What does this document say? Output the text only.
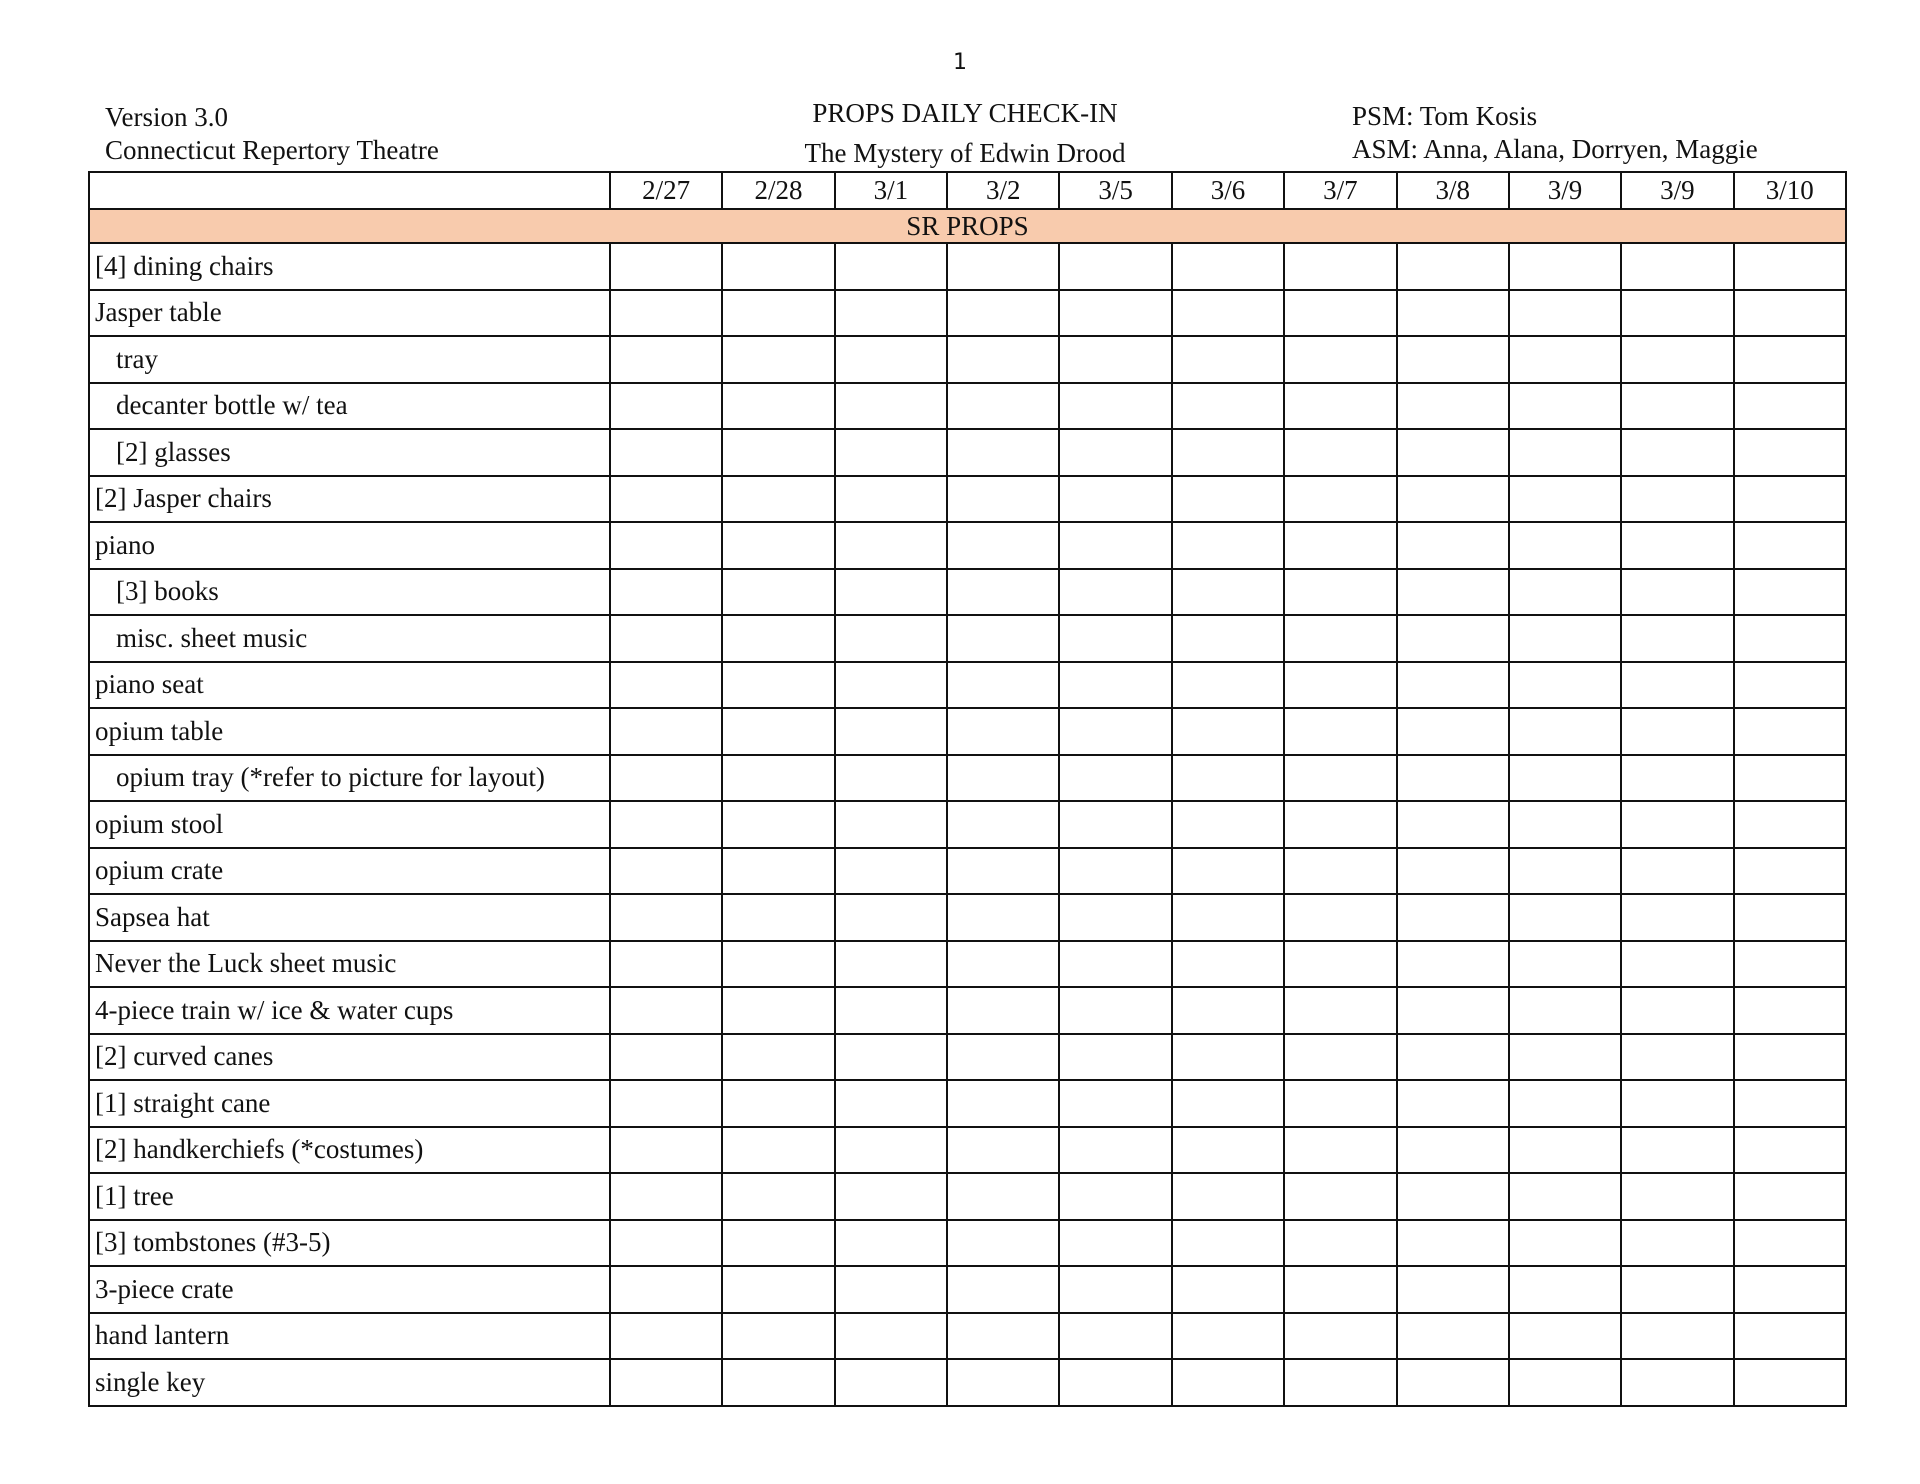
1
Version 3.0
Connecticut Repertory Theatre
PROPS DAILY CHECK-IN
The Mystery of Edwin Drood
PSM: Tom Kosis
ASM: Anna, Alana, Dorryen, Maggie
	2/27	2/28	3/1	3/2	3/5	3/6	3/7	3/8	3/9	3/9	3/10
SR PROPS											
[4] dining chairs											
Jasper table											
tray											
decanter bottle w/ tea											
[2] glasses											
[2] Jasper chairs											
piano											
[3] books											
misc. sheet music											
piano seat											
opium table											
opium tray (*refer to picture for layout)											
opium stool											
opium crate											
Sapsea hat											
Never the Luck sheet music											
4-piece train w/ ice & water cups											
[2] curved canes											
[1] straight cane											
[2] handkerchiefs (*costumes)											
[1] tree											
[3] tombstones (#3-5)											
3-piece crate											
hand lantern											
single key											
